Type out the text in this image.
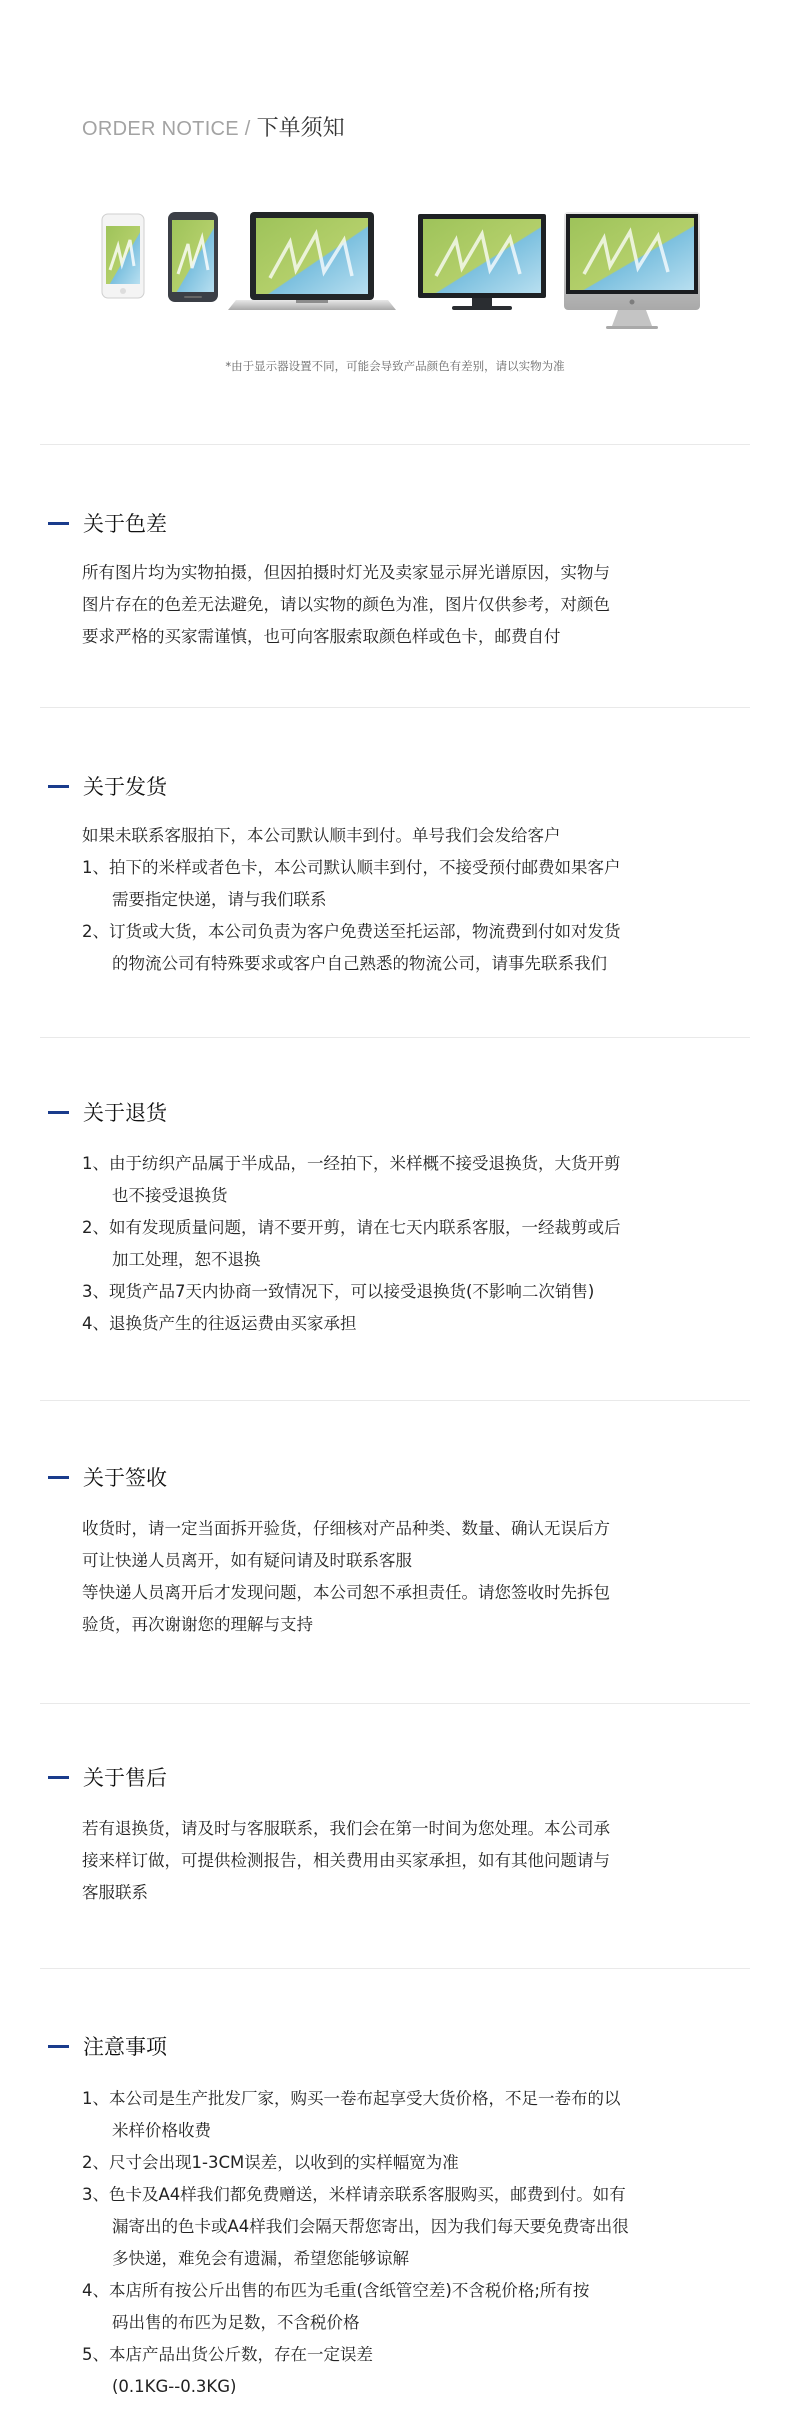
ORDER NOTICE / 下单须知
*由于显示器设置不同，可能会导致产品颜色有差别，请以实物为准
关于色差
所有图片均为实物拍摄，但因拍摄时灯光及卖家显示屏光谱原因，实物与
图片存在的色差无法避免，请以实物的颜色为准，图片仅供参考，对颜色
要求严格的买家需谨慎，也可向客服索取颜色样或色卡，邮费自付
关于发货
如果未联系客服拍下，本公司默认顺丰到付。单号我们会发给客户
1、拍下的米样或者色卡，本公司默认顺丰到付，不接受预付邮费如果客户
需要指定快递，请与我们联系
2、订货或大货，本公司负责为客户免费送至托运部，物流费到付如对发货
的物流公司有特殊要求或客户自己熟悉的物流公司，请事先联系我们
关于退货
1、由于纺织产品属于半成品，一经拍下，米样概不接受退换货，大货开剪
也不接受退换货
2、如有发现质量问题，请不要开剪，请在七天内联系客服，一经裁剪或后
加工处理，恕不退换
3、现货产品7天内协商一致情况下，可以接受退换货(不影响二次销售)
4、退换货产生的往返运费由买家承担
关于签收
收货时，请一定当面拆开验货，仔细核对产品种类、数量、确认无误后方
可让快递人员离开，如有疑问请及时联系客服
等快递人员离开后才发现问题，本公司恕不承担责任。请您签收时先拆包
验货，再次谢谢您的理解与支持
关于售后
若有退换货，请及时与客服联系，我们会在第一时间为您处理。本公司承
接来样订做，可提供检测报告，相关费用由买家承担，如有其他问题请与
客服联系
注意事项
1、本公司是生产批发厂家，购买一卷布起享受大货价格，不足一卷布的以
米样价格收费
2、尺寸会出现1-3CM误差，以收到的实样幅宽为准
3、色卡及A4样我们都免费赠送，米样请亲联系客服购买，邮费到付。如有
漏寄出的色卡或A4样我们会隔天帮您寄出，因为我们每天要免费寄出很
多快递，难免会有遗漏，希望您能够谅解
4、本店所有按公斤出售的布匹为毛重(含纸管空差)不含税价格;所有按
码出售的布匹为足数，不含税价格
5、本店产品出货公斤数，存在一定误差
(0.1KG--0.3KG)
